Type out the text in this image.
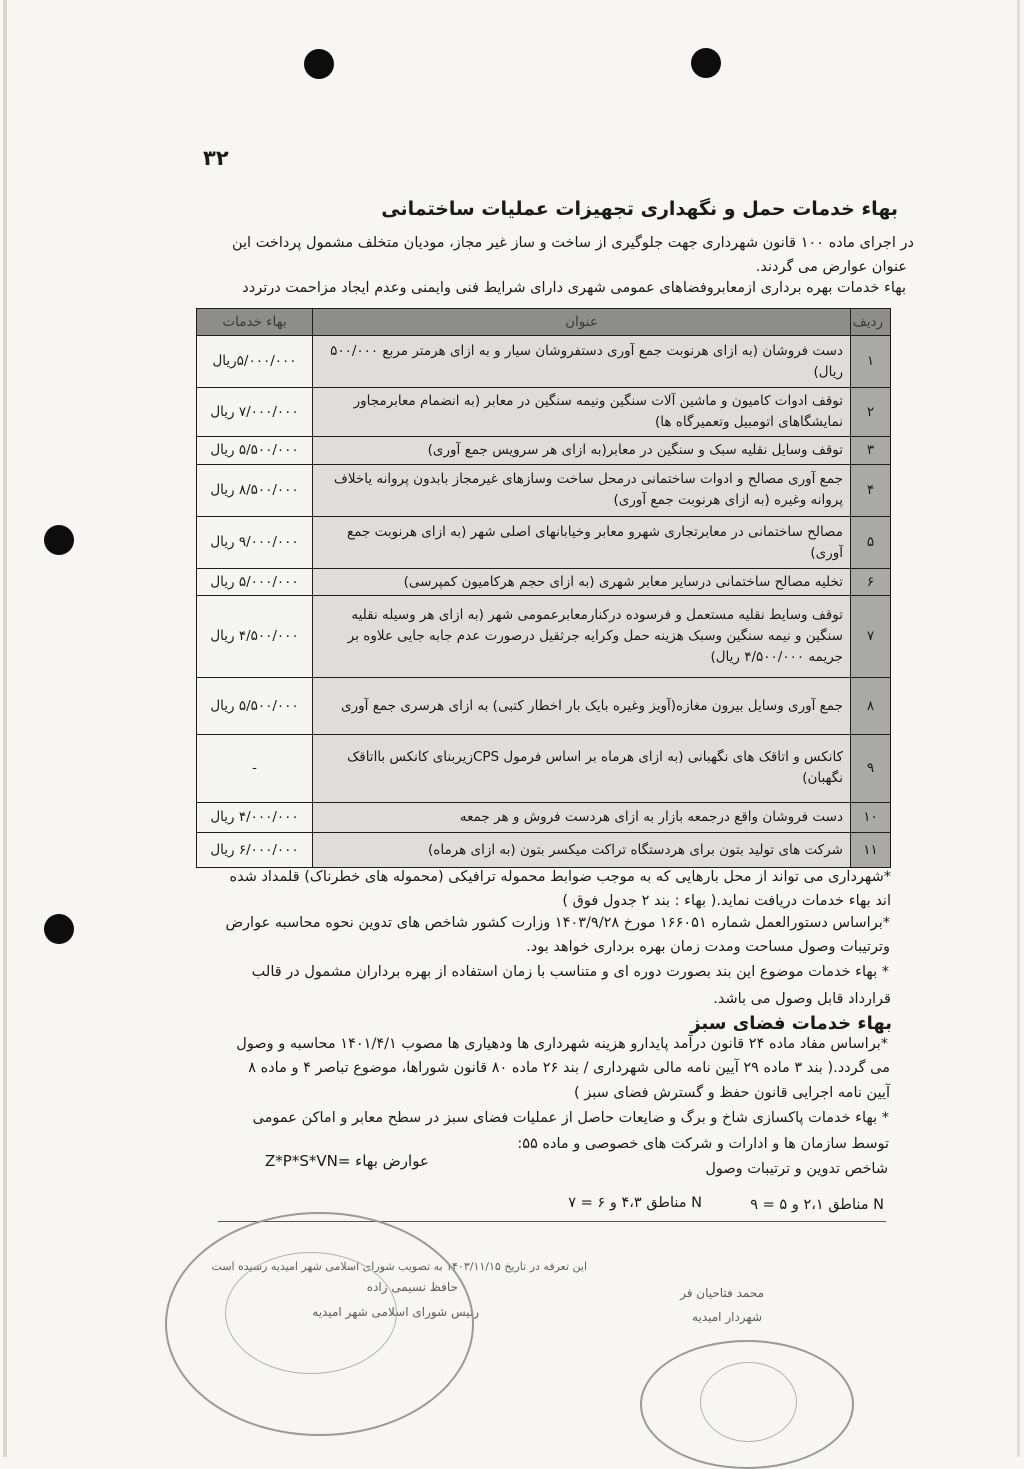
۳۲
بهاء خدمات حمل و نگهداری تجهیزات عملیات ساختمانی
در اجرای ماده ۱۰۰ قانون شهرداری جهت جلوگیری از ساخت و ساز غیر مجاز، مودیان متخلف مشمول پرداخت این
عنوان عوارض می گردند.
بهاء خدمات بهره برداری ازمعابروفضاهای عمومی شهری دارای شرایط فنی وایمنی وعدم ایجاد مزاحمت درتردد
ردیف	عنوان	بهاء خدمات
۱	دست فروشان (به ازای هرنوبت جمع آوری دستفروشان سیار و به ازای هرمتر مربع ۵۰۰/۰۰۰ ریال)	۵/۰۰۰/۰۰۰ریال
۲	توقف ادوات کامیون و ماشین آلات سنگین ونیمه سنگین در معابر (به انضمام معابرمجاور نمایشگاهای اتومبیل وتعمیرگاه ها)	۷/۰۰۰/۰۰۰ ریال
۳	توقف وسایل نقلیه سبک و سنگین در معابر(به ازای هر سرویس جمع آوری)	۵/۵۰۰/۰۰۰ ریال
۴	جمع آوری مصالح و ادوات ساختمانی درمحل ساخت وسازهای غیرمجاز بابدون پروانه یاخلاف پروانه وغیره (به ازای هرنوبت جمع آوری)	۸/۵۰۰/۰۰۰ ریال
۵	مصالح ساختمانی در معابرتجاری شهرو معابر وخیابانهای اصلی شهر (به ازای هرنوبت جمع آوری)	۹/۰۰۰/۰۰۰ ریال
۶	تخلیه مصالح ساختمانی درسایر معابر شهری (به ازای حجم هرکامیون کمپرسی)	۵/۰۰۰/۰۰۰ ریال
۷	توقف وسایط نقلیه مستعمل و فرسوده درکنارمعابرعمومی شهر (به ازای هر وسیله نقلیه سنگین و نیمه سنگین وسبک هزینه حمل وکرایه جرثقیل درصورت عدم جابه جایی علاوه بر جریمه ۴/۵۰۰/۰۰۰ ریال)	۴/۵۰۰/۰۰۰ ریال
۸	جمع آوری وسایل بیرون مغازه(آویز وغیره بایک بار اخطار کتبی) به ازای هرسری جمع آوری	۵/۵۰۰/۰۰۰ ریال
۹	کانکس و اتاقک های نگهبانی (به ازای هرماه بر اساس فرمول CPSزیربنای کانکس بااتاقک نگهبان)	-
۱۰	دست فروشان واقع درجمعه بازار به ازای هردست فروش و هر جمعه	۴/۰۰۰/۰۰۰ ریال
۱۱	شرکت های تولید بتون برای هردستگاه تراکت میکسر بتون (به ازای هرماه)	۶/۰۰۰/۰۰۰ ریال
*شهرداری می تواند از محل بارهایی که به موجب ضوابط محموله ترافیکی (محموله های خطرناک) قلمداد شده
اند بهاء خدمات دریافت نماید.( بهاء : بند ۲ جدول فوق )
*براساس دستورالعمل شماره ۱۶۶۰۵۱ مورخ ۱۴۰۳/۹/۲۸ وزارت کشور شاخص های تدوین نحوه محاسبه عوارض
وترتیبات وصول مساحت ومدت زمان بهره برداری خواهد بود.
* بهاء خدمات موضوع این بند بصورت دوره ای و متناسب با زمان استفاده از بهره برداران مشمول در قالب
قرارداد قابل وصول می باشد.
بهاء خدمات فضای سبز
*براساس مفاد ماده ۲۴ قانون درآمد پایدارو هزینه شهرداری ها ودهیاری ها مصوب ۱۴۰۱/۴/۱ محاسبه و وصول
می گردد.( بند ۳ ماده ۲۹ آیین نامه مالی شهرداری / بند ۲۶ ماده ۸۰ قانون شوراها، موضوع تباصر ۴ و ماده ۸
آیین نامه اجرایی قانون حفظ و گسترش فضای سبز )
* بهاء خدمات پاکسازی شاخ و برگ و ضایعات حاصل از عملیات فضای سبز در سطح معابر و اماکن عمومی
توسط سازمان ها و ادارات و شرکت های خصوصی و ماده ۵۵:
شاخص تدوین و ترتیبات وصول
عوارض بهاء =Z*P*S*VN
N مناطق ۲،۱ و ۵ = ۹
N مناطق ۴،۳ و ۶ = ۷
این تعرفه در تاریخ ۱۴۰۳/۱۱/۱۵ به تصویب شورای اسلامی شهر امیدیه رسیده است
حافظ نسیمی زاده
رئیس شورای اسلامی شهر امیدیه
محمد فتاحیان فر
شهردار امیدیه
